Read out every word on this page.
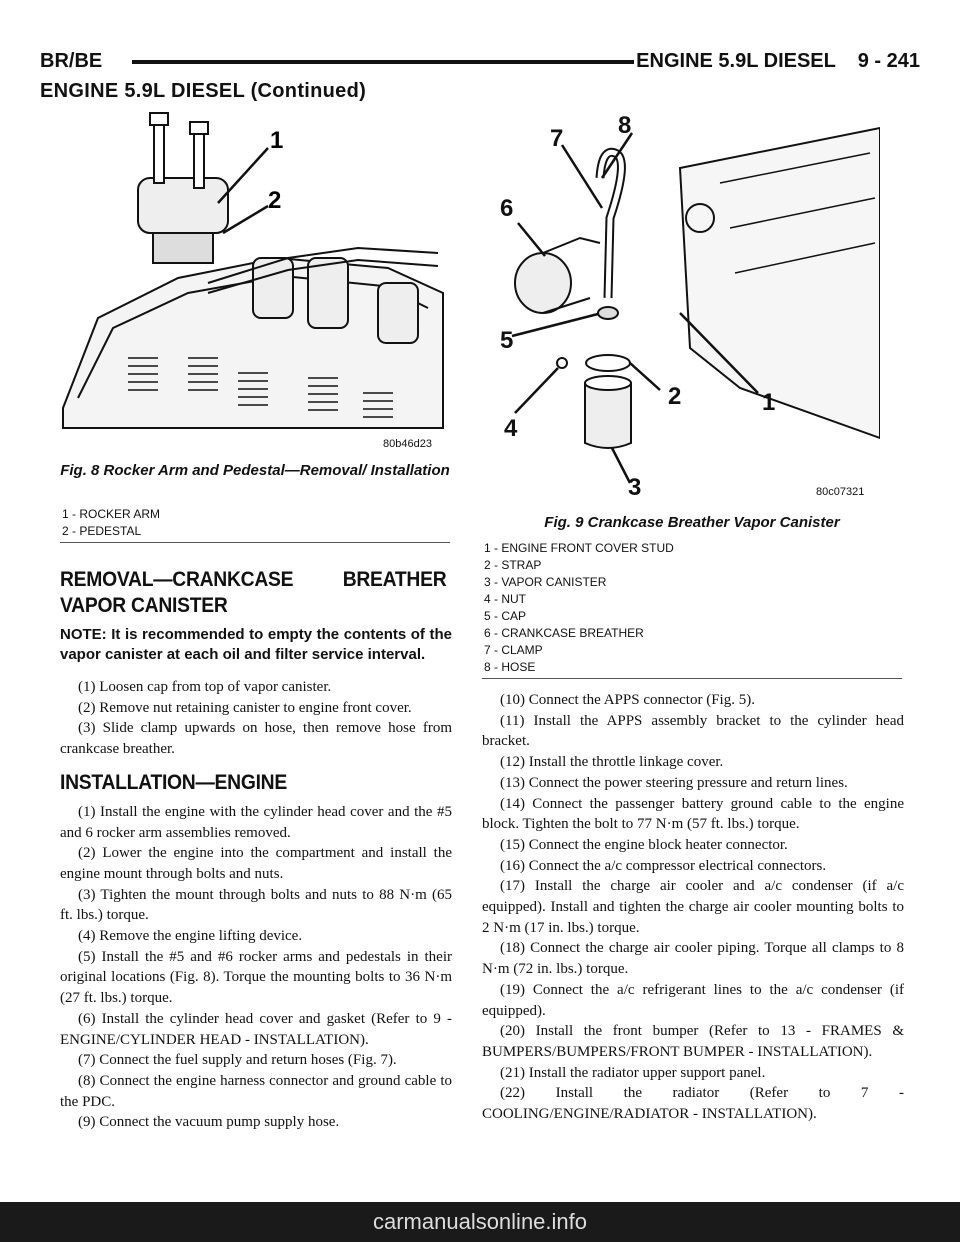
BR/BE	ENGINE 5.9L DIESEL    9 - 241
ENGINE 5.9L DIESEL (Continued)
1
2
80b46d23
Fig. 8 Rocker Arm and Pedestal—Removal/ Installation
1 - ROCKER ARM
2 - PEDESTAL
1
2
3
4
5
6
7 8
80c07321
Fig. 9 Crankcase Breather Vapor Canister
1 - ENGINE FRONT COVER STUD
2 - STRAP
3 - VAPOR CANISTER
4 - NUT
5 - CAP
6 - CRANKCASE BREATHER
7 - CLAMP
8 - HOSE
REMOVAL—CRANKCASE BREATHER VAPOR CANISTER
NOTE: It is recommended to empty the contents of the vapor canister at each oil and filter service interval.

(1) Loosen cap from top of vapor canister.

(2) Remove nut retaining canister to engine front cover.

(3) Slide clamp upwards on hose, then remove hose from crankcase breather.

INSTALLATION—ENGINE

(1) Install the engine with the cylinder head cover and the #5 and 6 rocker arm assemblies removed.

(2) Lower the engine into the compartment and install the engine mount through bolts and nuts.

(3) Tighten the mount through bolts and nuts to 88 N·m (65 ft. lbs.) torque.

(4) Remove the engine lifting device.

(5) Install the #5 and #6 rocker arms and pedestals in their original locations (Fig. 8). Torque the mounting bolts to 36 N·m (27 ft. lbs.) torque.

(6) Install the cylinder head cover and gasket (Refer to 9 - ENGINE/CYLINDER HEAD - INSTALLATION).

(7) Connect the fuel supply and return hoses (Fig. 7).

(8) Connect the engine harness connector and ground cable to the PDC.

(9) Connect the vacuum pump supply hose.

(10) Connect the APPS connector (Fig. 5).

(11) Install the APPS assembly bracket to the cylinder head bracket.

(12) Install the throttle linkage cover.

(13) Connect the power steering pressure and return lines.

(14) Connect the passenger battery ground cable to the engine block. Tighten the bolt to 77 N·m (57 ft. lbs.) torque.

(15) Connect the engine block heater connector.

(16) Connect the a/c compressor electrical connectors.

(17) Install the charge air cooler and a/c condenser (if a/c equipped). Install and tighten the charge air cooler mounting bolts to 2 N·m (17 in. lbs.) torque.

(18) Connect the charge air cooler piping. Torque all clamps to 8 N·m (72 in. lbs.) torque.

(19) Connect the a/c refrigerant lines to the a/c condenser (if equipped).

(20) Install the front bumper (Refer to 13 - FRAMES & BUMPERS/BUMPERS/FRONT BUMPER - INSTALLATION).

(21) Install the radiator upper support panel.

(22) Install the radiator (Refer to 7 - COOLING/ENGINE/RADIATOR - INSTALLATION).

carmanualsonline.info
